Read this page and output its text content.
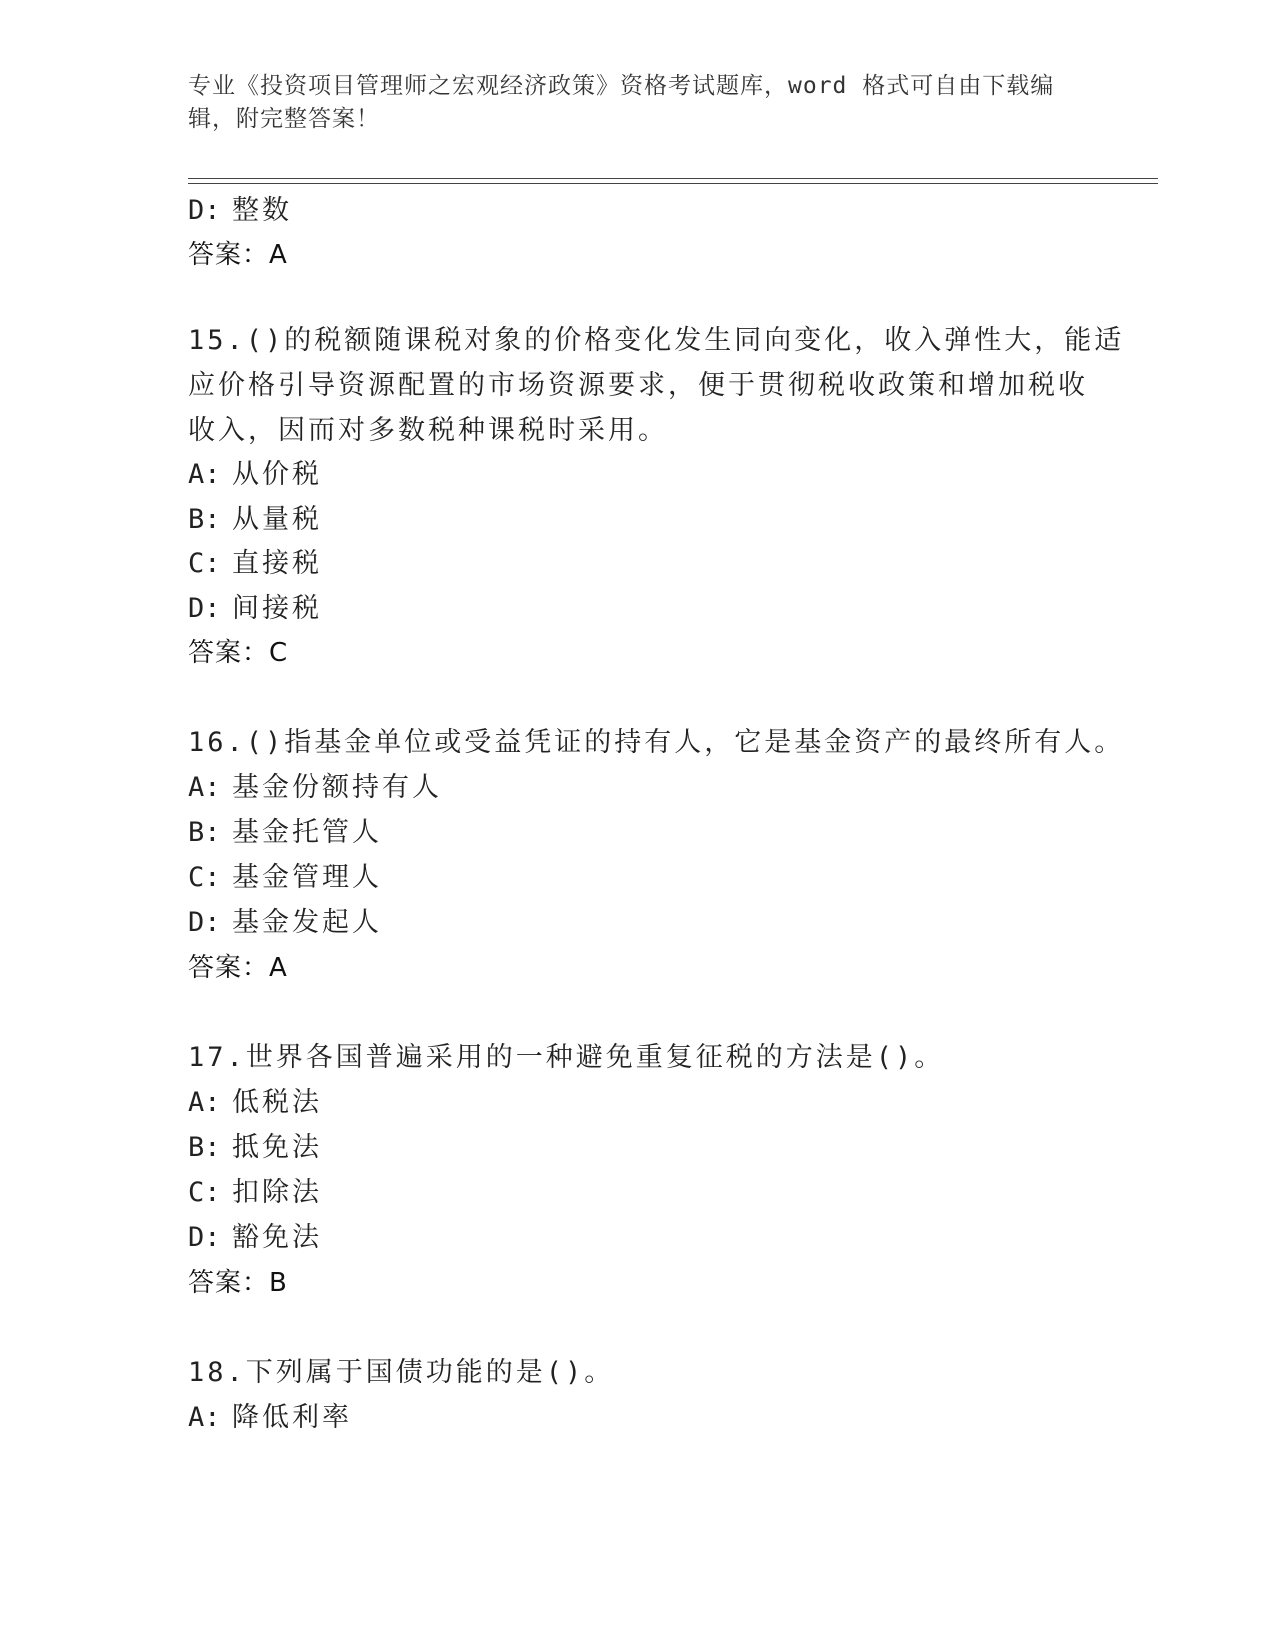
专业《投资项目管理师之宏观经济政策》资格考试题库，word 格式可自由下载编
辑，附完整答案！
D: 整数
答案：A
15.()的税额随课税对象的价格变化发生同向变化，收入弹性大，能适
应价格引导资源配置的市场资源要求，便于贯彻税收政策和增加税收
收入，因而对多数税种课税时采用。
A: 从价税
B: 从量税
C: 直接税
D: 间接税
答案：C
16.()指基金单位或受益凭证的持有人，它是基金资产的最终所有人。
A: 基金份额持有人
B: 基金托管人
C: 基金管理人
D: 基金发起人
答案：A
17.世界各国普遍采用的一种避免重复征税的方法是()。
A: 低税法
B: 抵免法
C: 扣除法
D: 豁免法
答案：B
18.下列属于国债功能的是()。
A: 降低利率
